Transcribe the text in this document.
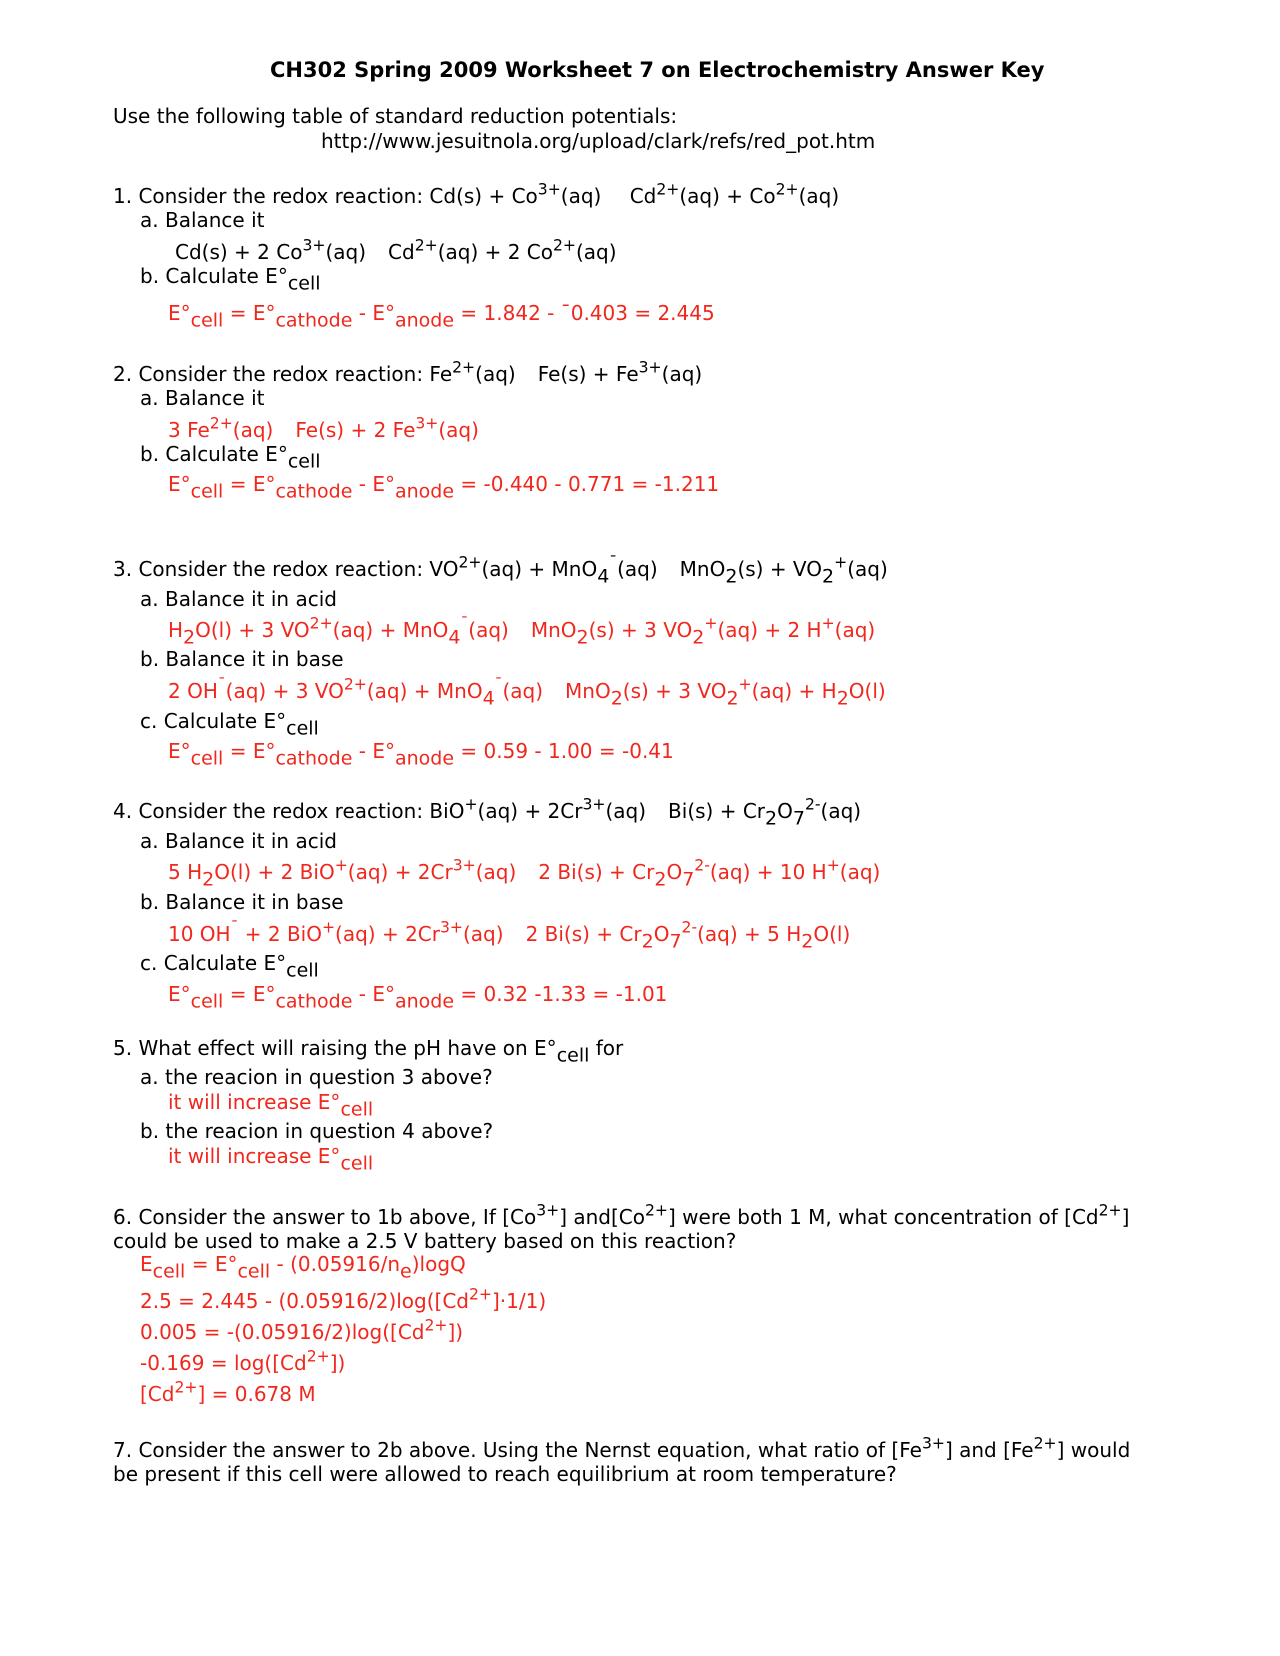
CH302 Spring 2009 Worksheet 7 on Electrochemistry Answer Key
Use the following table of standard reduction potentials:
http://www.jesuitnola.org/upload/clark/refs/red_pot.htm
1. Consider the redox reaction: $Cd(s) + Co^{3+}(aq) Cd^{2+}(aq) + Co^{2+}(aq)$
a. Balance it
Cd(s) + 2 $Co^{3+}(aq) Cd^{2+}(aq) + 2$ $Co^{2+}(aq)$
b. Calculate $E^\circ_{cell}$
$E^\circ_{cell} = E^\circ_{cathode} - E^\circ_{anode} = 1.842$ - ¯0.403 = 2.445
2. Consider the redox reaction: $Fe^{2+}(aq) Fe(s) + Fe^{3+}(aq)$
a. Balance it
3 $Fe^{2+}(aq) Fe(s) + 2$ $Fe^{3+}(aq)$
b. Calculate $E^\circ_{cell}$
$E^\circ_{cell} = E^\circ_{cathode} - E^\circ_{anode} = -0.440 - 0.771 = -1.211$
3. Consider the redox reaction: $VO^{2+}(aq) + MnO_4^¯(aq) MnO_2(s) + VO_2^+(aq)$
a. Balance it in acid
$H_2O(l) + 3$ $VO^{2+}(aq) + MnO_4^¯(aq) MnO_2(s) + 3$ $VO_2^+(aq) + 2$ H+(aq)
b. Balance it in base
2 OH¯(aq) + 3 $VO^{2+}(aq) + MnO_4^¯(aq) MnO_2(s) + 3$ $VO_2^+(aq) + H_2O(l)$
c. Calculate $E^\circ_{cell}$
$E^\circ_{cell} = E^\circ_{cathode} - E^\circ_{anode} = 0.59 - 1.00 = -0.41$
4. Consider the redox reaction: $BiO^+(aq) + 2Cr^{3+}(aq) Bi(s) + Cr_2O_7^{2-}(aq)$
a. Balance it in acid
5 $H_2O(l) + 2$ $BiO^+(aq) + 2Cr^{3+}(aq)$ 2 $Bi(s) + Cr_2O_7^{2-}(aq) + 10$ H+(aq)
b. Balance it in base
10 OH¯ + 2 $BiO^+(aq) + 2Cr^{3+}(aq)$ 2 $Bi(s) + Cr_2O_7^{2-}(aq) + 5$ $H_2O(l)$
c. Calculate $E^\circ_{cell}$
$E^\circ_{cell} = E^\circ_{cathode} - E^\circ_{anode} = 0.32$ -1.33 = -1.01
5. What effect will raising the pH have on $E^\circ_{cell}$ for
a. the reacion in question 3 above?
it will increase $E^\circ_{cell}$
b. the reacion in question 4 above?
it will increase $E^\circ_{cell}$
6. Consider the answer to 1b above, If $[Co^{3+}]$ $and[Co^{2+}]$ were both 1 M, what concentration of $[Cd^{2+}]$
could be used to make a 2.5 V battery based on this reaction?
$E_{cell} = E^\circ_{cell} - (0.05916/n_e)\log Q$
$2.5 = 2.445 - (0.05916/2)\log([Cd^{2+}]\cdot 1/1)$
$0.005 = -(0.05916/2)\log([Cd^{2+}])$
$-0.169 = \log([Cd^{2+}])$
$[Cd^{2+}] = 0.678$ M
7. Consider the answer to 2b above. Using the Nernst equation, what ratio of $[Fe^{3+}]$ and $[Fe^{2+}]$ would
be present if this cell were allowed to reach equilibrium at room temperature?
